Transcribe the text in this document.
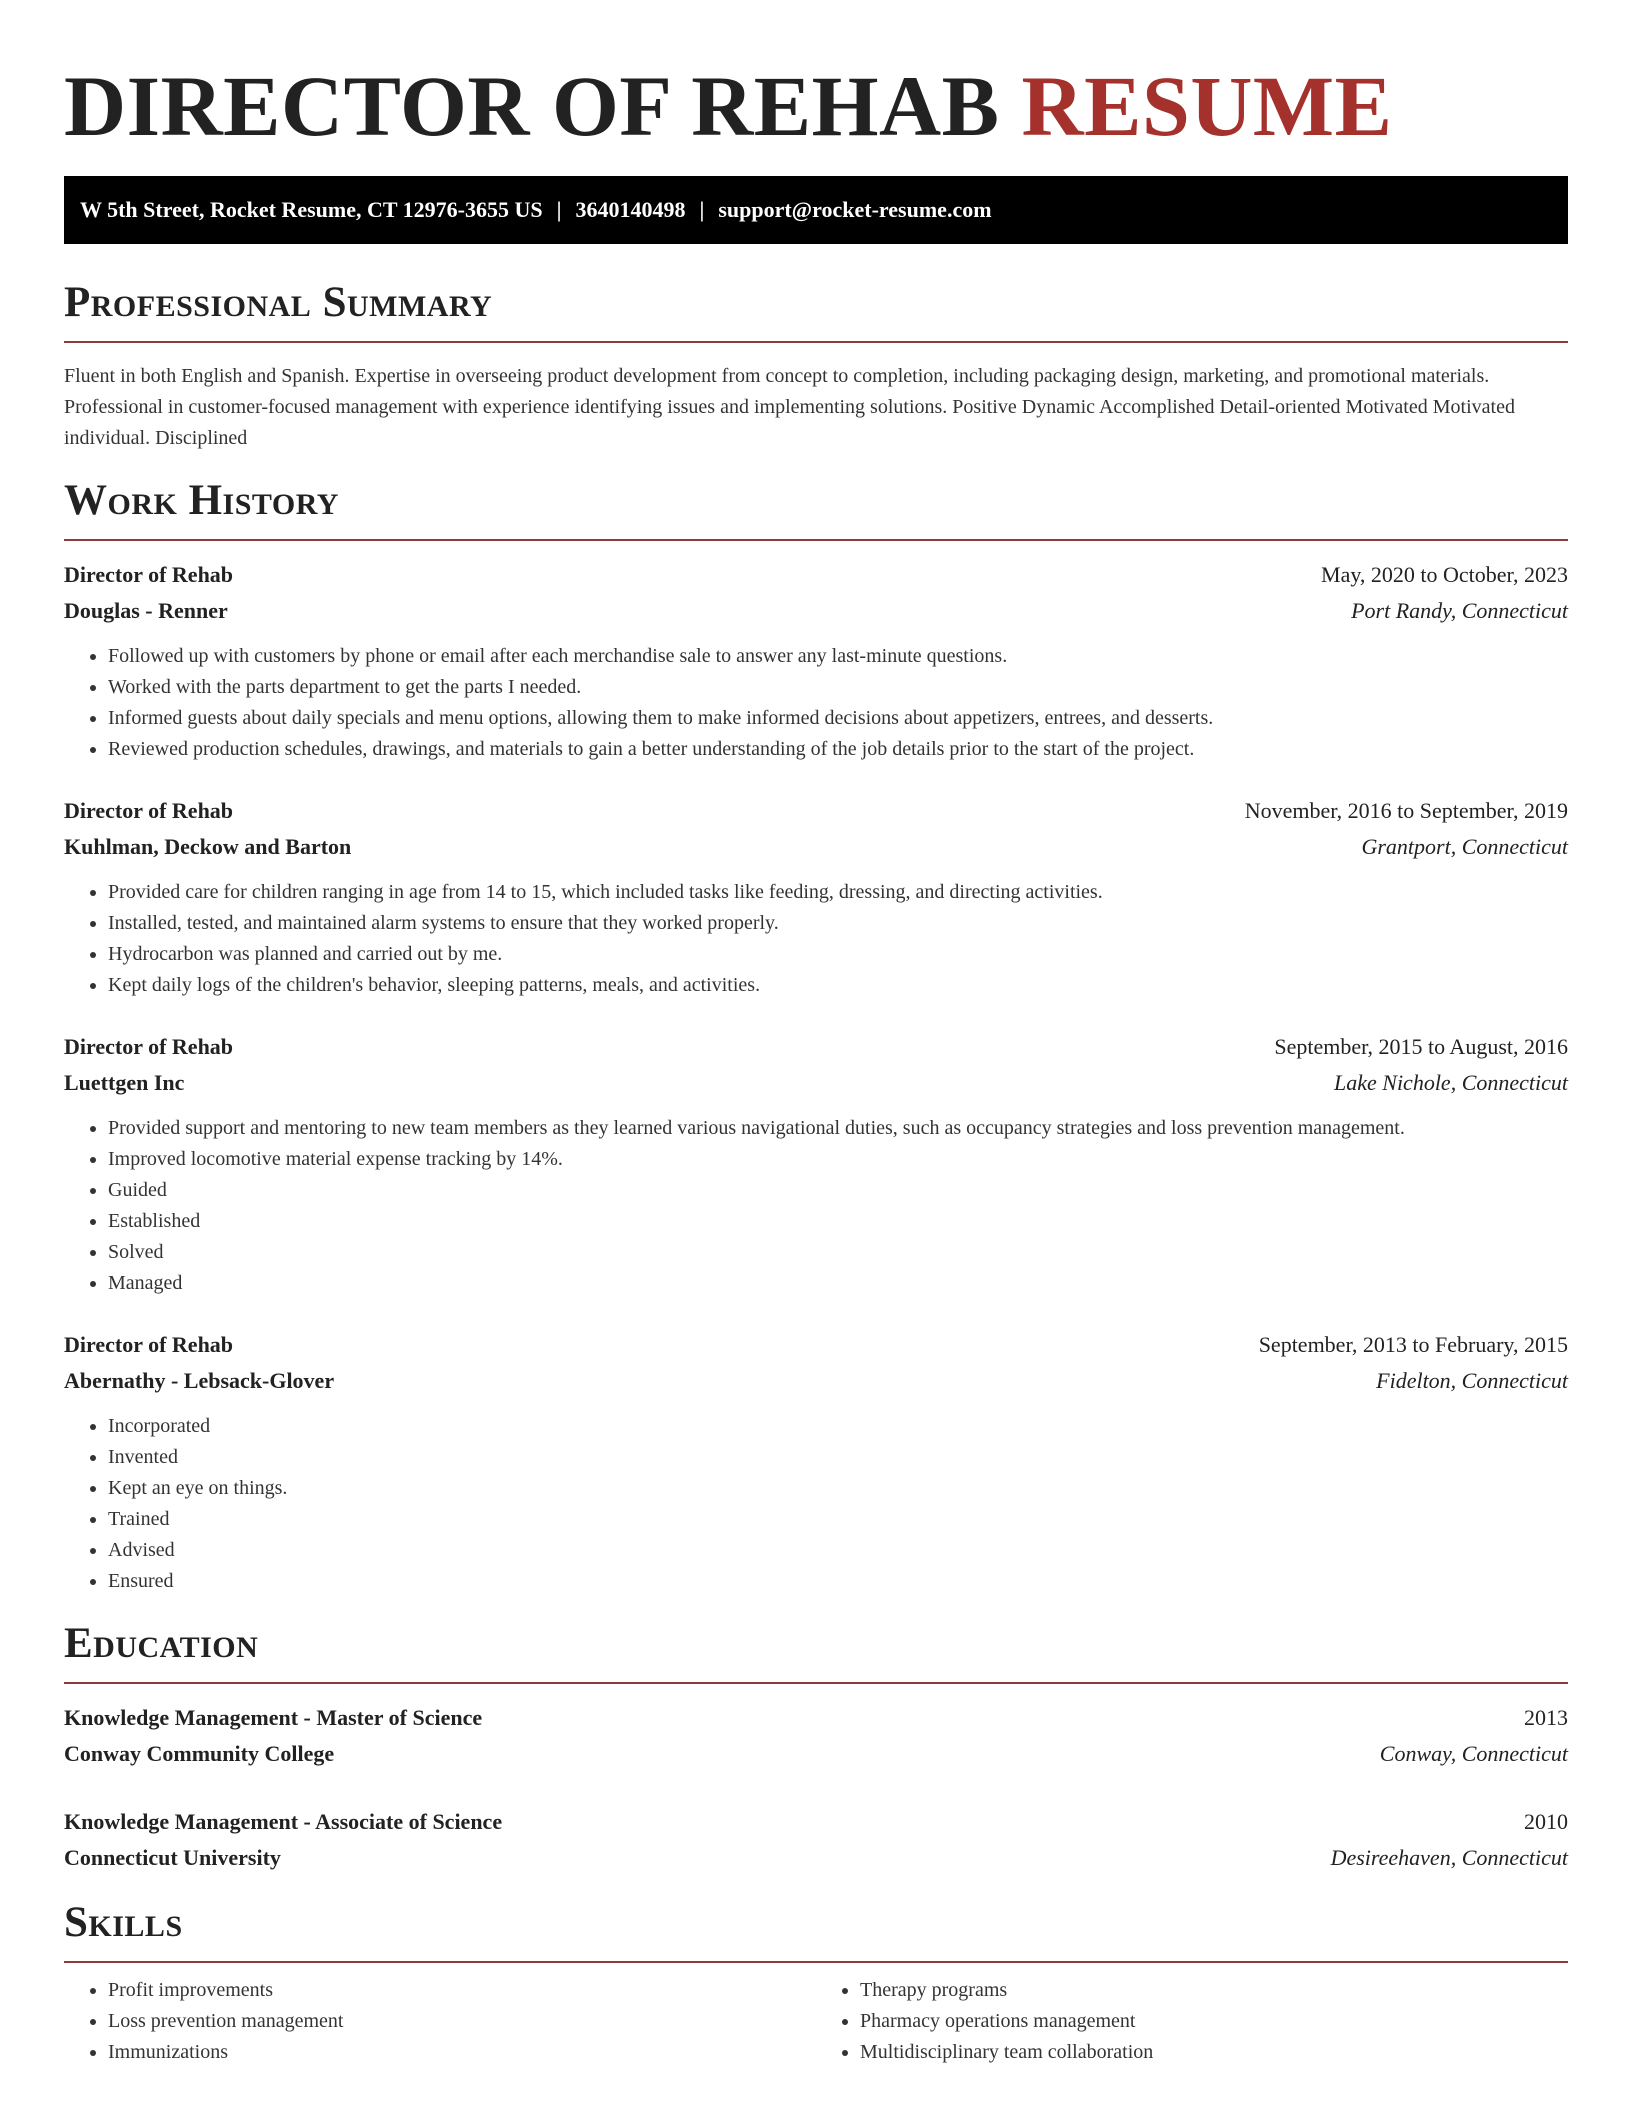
DIRECTOR OF REHAB RESUME
W 5th Street, Rocket Resume, CT 12976-3655 US | 3640140498 | support@rocket-resume.com
Professional Summary

Fluent in both English and Spanish. Expertise in overseeing product development from concept to completion, including packaging design, marketing, and promotional materials. Professional in customer-focused management with experience identifying issues and implementing solutions. Positive Dynamic Accomplished Detail-oriented Motivated Motivated individual. Disciplined

Work History
Director of Rehab	May, 2020 to October, 2023
Douglas - Renner	Port Randy, Connecticut
• Followed up with customers by phone or email after each merchandise sale to answer any last-minute questions.
• Worked with the parts department to get the parts I needed.
• Informed guests about daily specials and menu options, allowing them to make informed decisions about appetizers, entrees, and desserts.
• Reviewed production schedules, drawings, and materials to gain a better understanding of the job details prior to the start of the project.
Director of Rehab	November, 2016 to September, 2019
Kuhlman, Deckow and Barton	Grantport, Connecticut
• Provided care for children ranging in age from 14 to 15, which included tasks like feeding, dressing, and directing activities.
• Installed, tested, and maintained alarm systems to ensure that they worked properly.
• Hydrocarbon was planned and carried out by me.
• Kept daily logs of the children's behavior, sleeping patterns, meals, and activities.
Director of Rehab	September, 2015 to August, 2016
Luettgen Inc	Lake Nichole, Connecticut
• Provided support and mentoring to new team members as they learned various navigational duties, such as occupancy strategies and loss prevention management.
• Improved locomotive material expense tracking by 14%.
• Guided
• Established
• Solved
• Managed
Director of Rehab	September, 2013 to February, 2015
Abernathy - Lebsack-Glover	Fidelton, Connecticut
• Incorporated
• Invented
• Kept an eye on things.
• Trained
• Advised
• Ensured
Education
Knowledge Management - Master of Science	2013
Conway Community College	Conway, Connecticut
Knowledge Management - Associate of Science	2010
Connecticut University	Desireehaven, Connecticut
Skills
• Profit improvements
• Loss prevention management
• Immunizations
• Therapy programs
• Pharmacy operations management
• Multidisciplinary team collaboration
